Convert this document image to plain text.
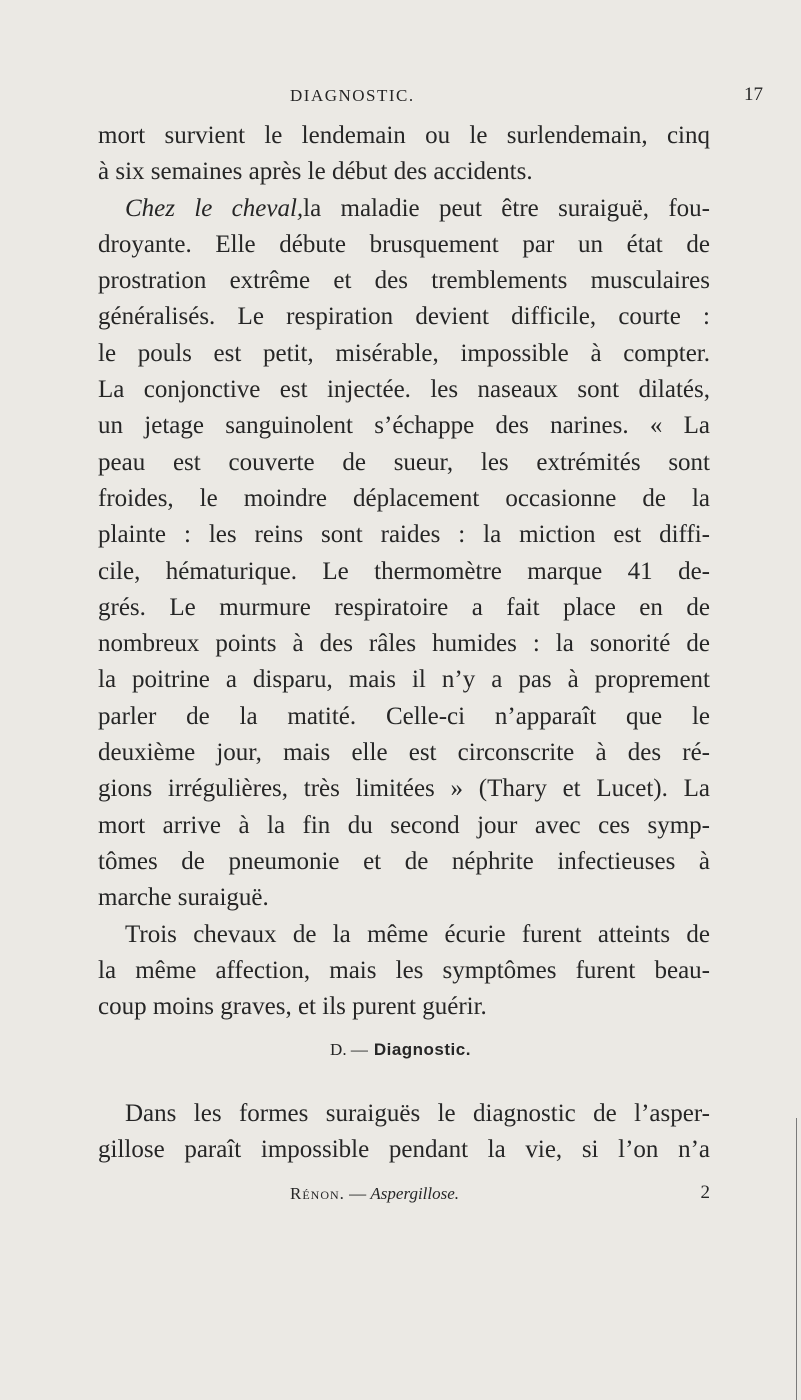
DIAGNOSTIC.	17
mort survient le lendemain ou le surlendemain, cinq
à six semaines après le début des accidents.
Chez le cheval,la maladie peut être suraiguë, fou-
droyante. Elle débute brusquement par un état de
prostration extrême et des tremblements musculaires
généralisés. Le respiration devient difficile, courte :
le pouls est petit, misérable, impossible à compter.
La conjonctive est injectée. les naseaux sont dilatés,
un jetage sanguinolent s’échappe des narines. « La
peau est couverte de sueur, les extrémités sont
froides, le moindre déplacement occasionne de la
plainte : les reins sont raides : la miction est diffi-
cile, hématurique. Le thermomètre marque 41 de-
grés. Le murmure respiratoire a fait place en de
nombreux points à des râles humides : la sonorité de
la poitrine a disparu, mais il n’y a pas à proprement
parler de la matité. Celle-ci n’apparaît que le
deuxième jour, mais elle est circonscrite à des ré-
gions irrégulières, très limitées » (Thary et Lucet). La
mort arrive à la fin du second jour avec ces symp-
tômes de pneumonie et de néphrite infectieuses à
marche suraiguë.
Trois chevaux de la même écurie furent atteints de
la même affection, mais les symptômes furent beau-
coup moins graves, et ils purent guérir.
D. — Diagnostic.
Dans les formes suraiguës le diagnostic de l’asper-
gillose paraît impossible pendant la vie, si l’on n’a
Rénon. — Aspergillose.	2
